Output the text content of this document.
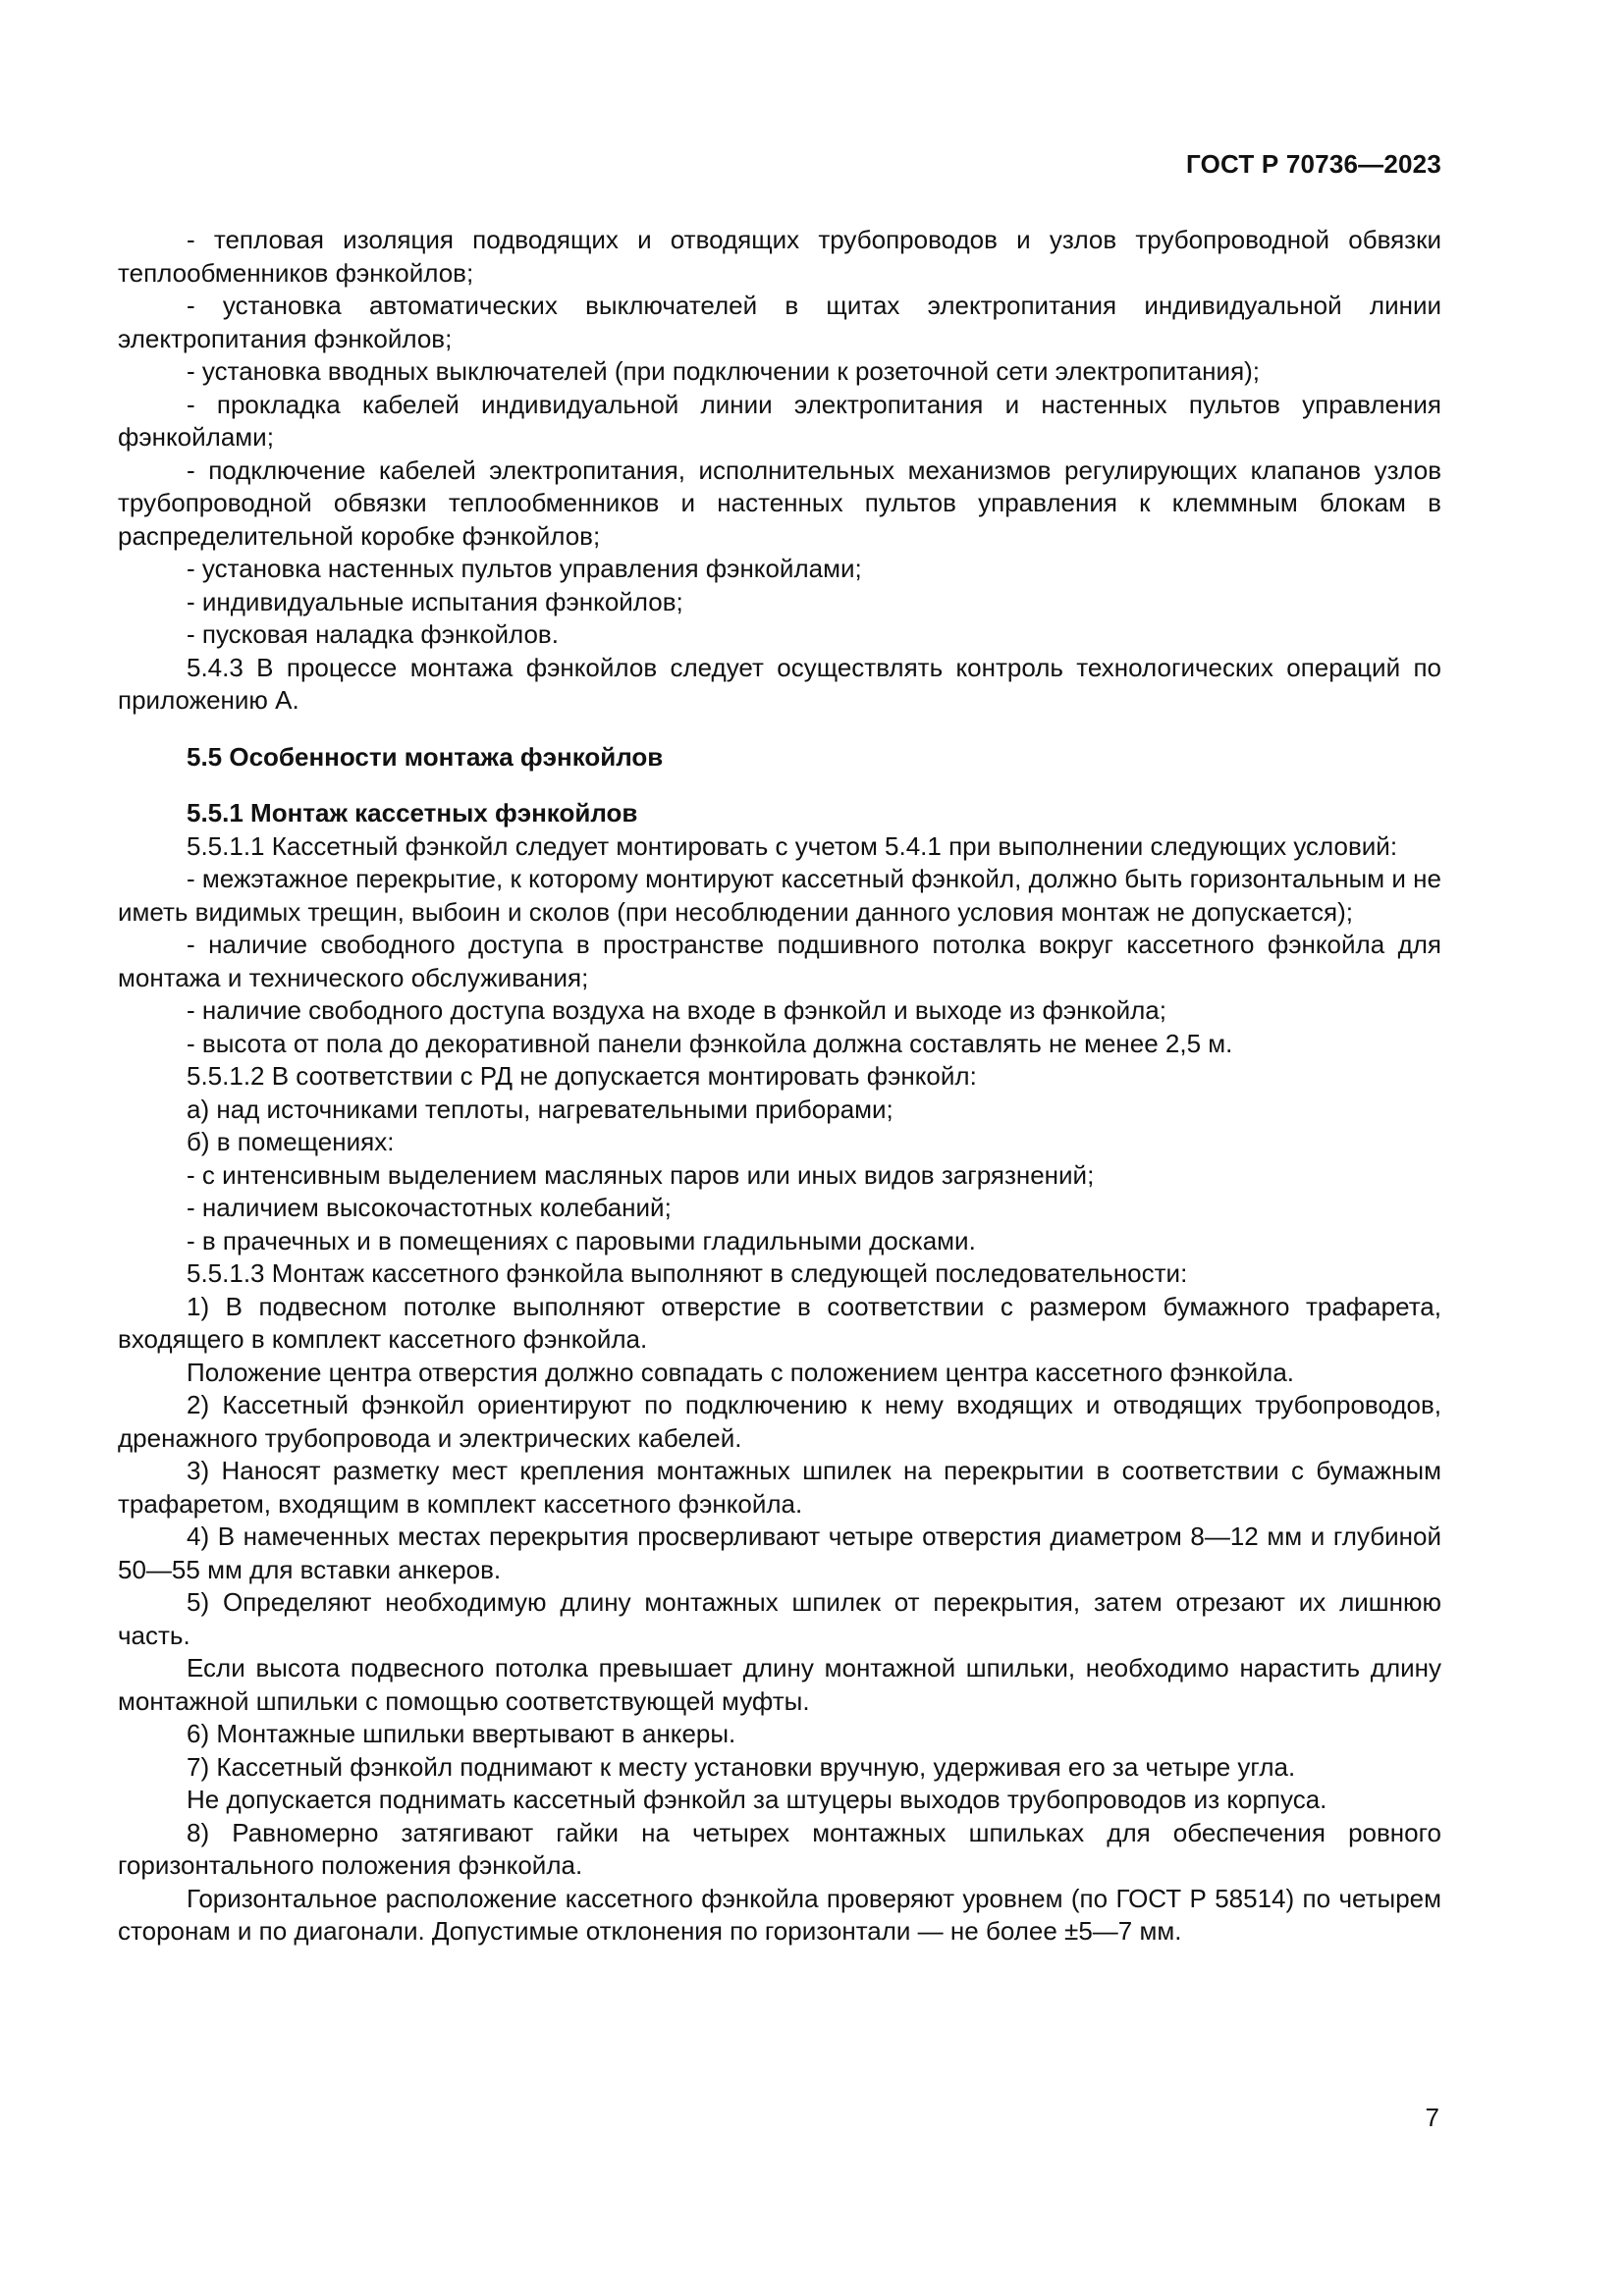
ГОСТ Р 70736—2023

- тепловая изоляция подводящих и отводящих трубопроводов и узлов трубопроводной обвязки теплообменников фэнкойлов;

- установка автоматических выключателей в щитах электропитания индивидуальной линии электропитания фэнкойлов;

- установка вводных выключателей (при подключении к розеточной сети электропитания);

- прокладка кабелей индивидуальной линии электропитания и настенных пультов управления фэнкойлами;

- подключение кабелей электропитания, исполнительных механизмов регулирующих клапанов узлов трубопроводной обвязки теплообменников и настенных пультов управления к клеммным блокам в распределительной коробке фэнкойлов;

- установка настенных пультов управления фэнкойлами;

- индивидуальные испытания фэнкойлов;

- пусковая наладка фэнкойлов.

5.4.3 В процессе монтажа фэнкойлов следует осуществлять контроль технологических операций по приложению А.

5.5 Особенности монтажа фэнкойлов

5.5.1 Монтаж кассетных фэнкойлов

5.5.1.1 Кассетный фэнкойл следует монтировать с учетом 5.4.1 при выполнении следующих условий:

- межэтажное перекрытие, к которому монтируют кассетный фэнкойл, должно быть горизонтальным и не иметь видимых трещин, выбоин и сколов (при несоблюдении данного условия монтаж не допускается);

- наличие свободного доступа в пространстве подшивного потолка вокруг кассетного фэнкойла для монтажа и технического обслуживания;

- наличие свободного доступа воздуха на входе в фэнкойл и выходе из фэнкойла;

- высота от пола до декоративной панели фэнкойла должна составлять не менее 2,5 м.

5.5.1.2 В соответствии с РД не допускается монтировать фэнкойл:

а) над источниками теплоты, нагревательными приборами;

б) в помещениях:

- с интенсивным выделением масляных паров или иных видов загрязнений;

- наличием высокочастотных колебаний;

- в прачечных и в помещениях с паровыми гладильными досками.

5.5.1.3 Монтаж кассетного фэнкойла выполняют в следующей последовательности:

1) В подвесном потолке выполняют отверстие в соответствии с размером бумажного трафарета, входящего в комплект кассетного фэнкойла.

Положение центра отверстия должно совпадать с положением центра кассетного фэнкойла.

2) Кассетный фэнкойл ориентируют по подключению к нему входящих и отводящих трубопроводов, дренажного трубопровода и электрических кабелей.

3) Наносят разметку мест крепления монтажных шпилек на перекрытии в соответствии с бумажным трафаретом, входящим в комплект кассетного фэнкойла.

4) В намеченных местах перекрытия просверливают четыре отверстия диаметром 8—12 мм и глубиной 50—55 мм для вставки анкеров.

5) Определяют необходимую длину монтажных шпилек от перекрытия, затем отрезают их лишнюю часть.

Если высота подвесного потолка превышает длину монтажной шпильки, необходимо нарастить длину монтажной шпильки с помощью соответствующей муфты.

6) Монтажные шпильки ввертывают в анкеры.

7) Кассетный фэнкойл поднимают к месту установки вручную, удерживая его за четыре угла.

Не допускается поднимать кассетный фэнкойл за штуцеры выходов трубопроводов из корпуса.

8) Равномерно затягивают гайки на четырех монтажных шпильках для обеспечения ровного горизонтального положения фэнкойла.

Горизонтальное расположение кассетного фэнкойла проверяют уровнем (по ГОСТ Р 58514) по четырем сторонам и по диагонали. Допустимые отклонения по горизонтали — не более ±5—7 мм.

7
